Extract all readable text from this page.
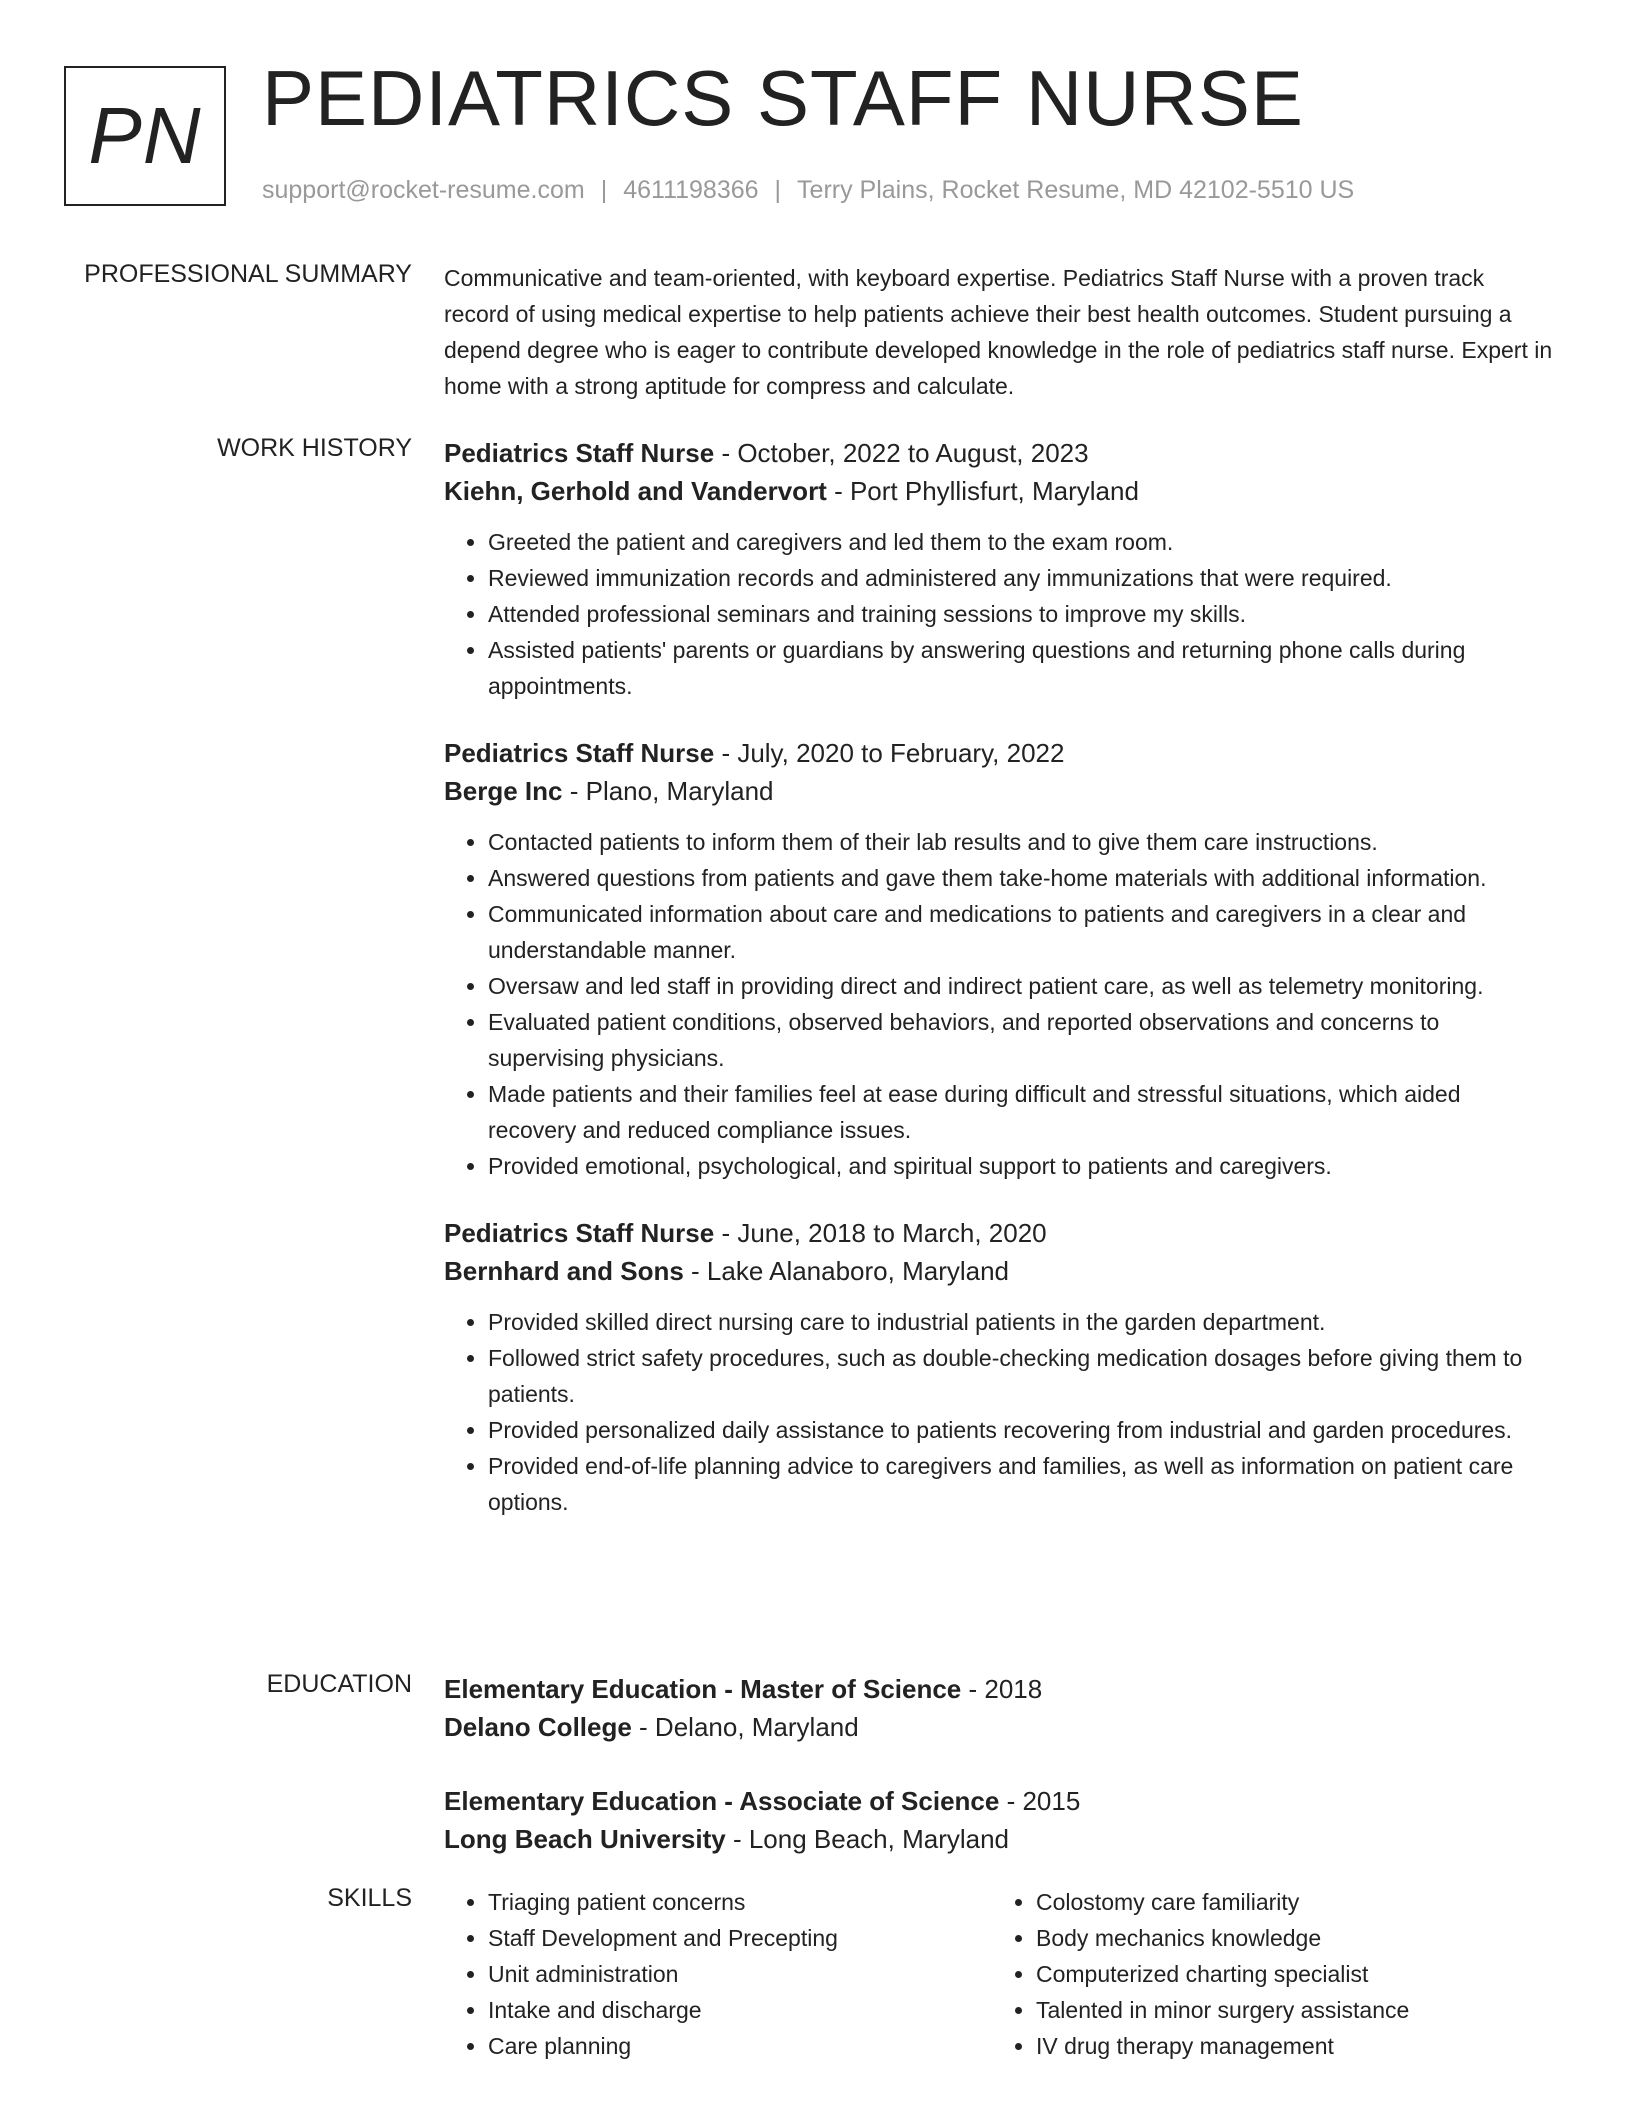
PN PEDIATRICS STAFF NURSE
support@rocket-resume.com | 4611198366 | Terry Plains, Rocket Resume, MD 42102-5510 US
PROFESSIONAL SUMMARY Communicative and team-oriented, with keyboard expertise. Pediatrics Staff Nurse with a proven track record of using medical expertise to help patients achieve their best health outcomes. Student pursuing a depend degree who is eager to contribute developed knowledge in the role of pediatrics staff nurse. Expert in home with a strong aptitude for compress and calculate.

WORK HISTORY Pediatrics Staff Nurse - October, 2022 to August, 2023
Kiehn, Gerhold and Vandervort - Port Phyllisfurt, Maryland
• Greeted the patient and caregivers and led them to the exam room.
• Reviewed immunization records and administered any immunizations that were required.
• Attended professional seminars and training sessions to improve my skills.
• Assisted patients' parents or guardians by answering questions and returning phone calls during appointments.
Pediatrics Staff Nurse - July, 2020 to February, 2022
Berge Inc - Plano, Maryland
• Contacted patients to inform them of their lab results and to give them care instructions.
• Answered questions from patients and gave them take-home materials with additional information.
• Communicated information about care and medications to patients and caregivers in a clear and understandable manner.
• Oversaw and led staff in providing direct and indirect patient care, as well as telemetry monitoring.
• Evaluated patient conditions, observed behaviors, and reported observations and concerns to supervising physicians.
• Made patients and their families feel at ease during difficult and stressful situations, which aided recovery and reduced compliance issues.
• Provided emotional, psychological, and spiritual support to patients and caregivers.
Pediatrics Staff Nurse - June, 2018 to March, 2020
Bernhard and Sons - Lake Alanaboro, Maryland
• Provided skilled direct nursing care to industrial patients in the garden department.
• Followed strict safety procedures, such as double-checking medication dosages before giving them to patients.
• Provided personalized daily assistance to patients recovering from industrial and garden procedures.
• Provided end-of-life planning advice to caregivers and families, as well as information on patient care options.
EDUCATION Elementary Education - Master of Science - 2018
Delano College - Delano, Maryland
Elementary Education - Associate of Science - 2015
Long Beach University - Long Beach, Maryland
SKILLS
•	Triaging patient concerns
• Staff Development and Precepting
• Unit administration
• Intake and discharge
• Care planning
• Colostomy care familiarity
• Body mechanics knowledge
• Computerized charting specialist
• Talented in minor surgery assistance
• IV drug therapy management
